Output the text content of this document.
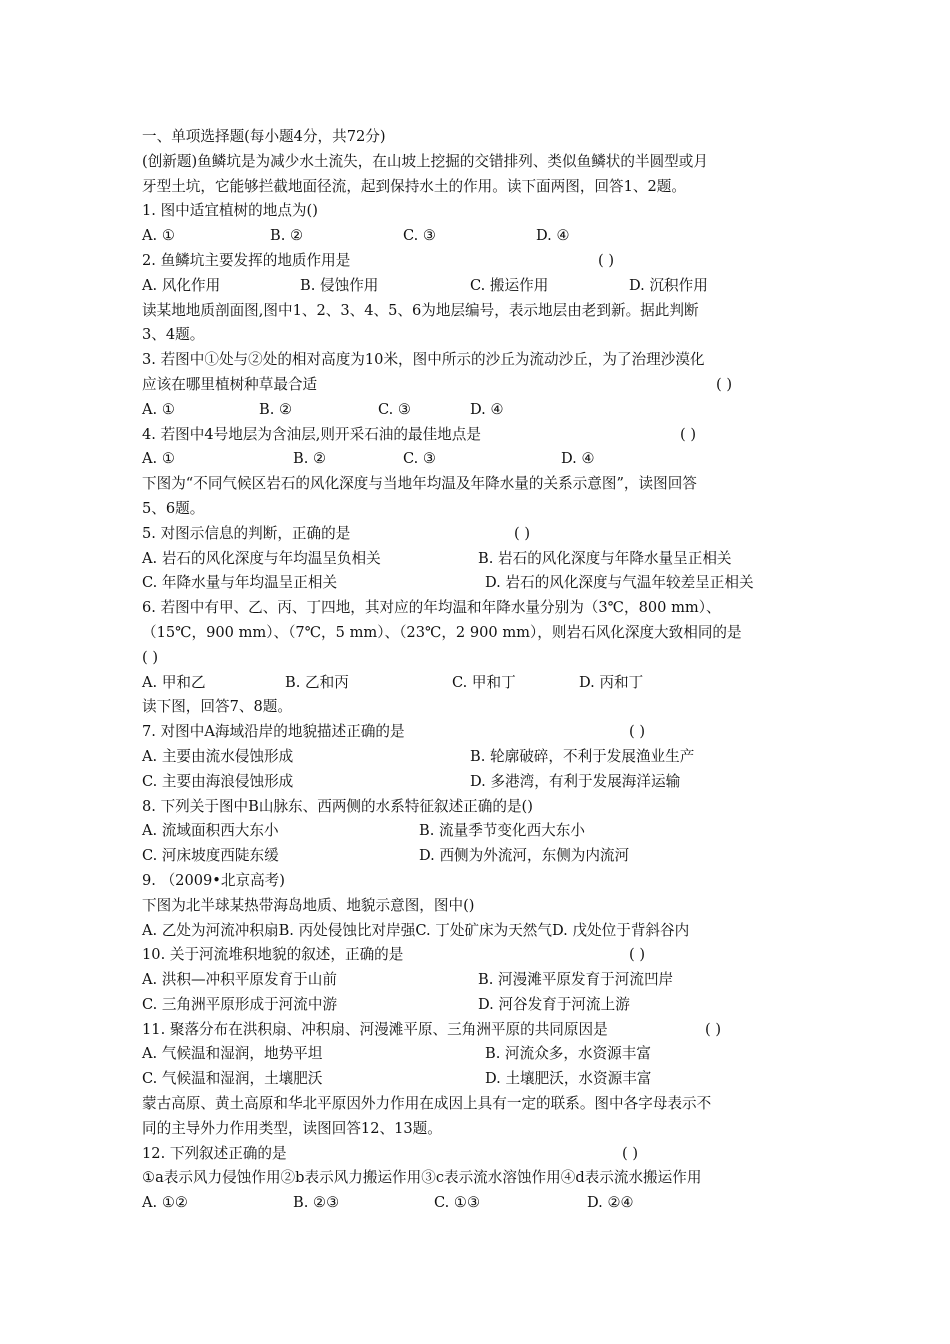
一、单项选择题(每小题4分，共72分)
(创新题)鱼鳞坑是为减少水土流失，在山坡上挖掘的交错排列、类似鱼鳞状的半圆型或月
牙型土坑，它能够拦截地面径流，起到保持水土的作用。读下面两图，回答1、2题。
1. 图中适宜植树的地点为()
A. ①	B. ②	C. ③	D. ④
2. 鱼鳞坑主要发挥的地质作用是	( )
A. 风化作用	B. 侵蚀作用	C. 搬运作用	D. 沉积作用
读某地地质剖面图,图中1、2、3、4、5、6为地层编号，表示地层由老到新。据此判断
3、4题。
3. 若图中①处与②处的相对高度为10米，图中所示的沙丘为流动沙丘，为了治理沙漠化
应该在哪里植树种草最合适	( )
A. ①	B. ②	C. ③	D. ④
4. 若图中4号地层为含油层,则开采石油的最佳地点是	( )
A. ①	B. ②	C. ③	D. ④
下图为“不同气候区岩石的风化深度与当地年均温及年降水量的关系示意图”，读图回答
5、6题。
5. 对图示信息的判断，正确的是	( )
A. 岩石的风化深度与年均温呈负相关	B. 岩石的风化深度与年降水量呈正相关
C. 年降水量与年均温呈正相关	D. 岩石的风化深度与气温年较差呈正相关
6. 若图中有甲、乙、丙、丁四地，其对应的年均温和年降水量分别为（3℃，800 mm）、
（15℃，900 mm）、（7℃，5 mm）、（23℃，2 900 mm），则岩石风化深度大致相同的是
( )
A. 甲和乙	B. 乙和丙	C. 甲和丁	D. 丙和丁
读下图，回答7、8题。
7. 对图中A海域沿岸的地貌描述正确的是	( )
A. 主要由流水侵蚀形成	B. 轮廓破碎，不利于发展渔业生产
C. 主要由海浪侵蚀形成	D. 多港湾，有利于发展海洋运输
8. 下列关于图中B山脉东、西两侧的水系特征叙述正确的是()
A. 流域面积西大东小	B. 流量季节变化西大东小
C. 河床坡度西陡东缓	D. 西侧为外流河，东侧为内流河
9. （2009•北京高考)
下图为北半球某热带海岛地质、地貌示意图，图中()
A. 乙处为河流冲积扇B. 丙处侵蚀比对岸强C. 丁处矿床为天然气D. 戊处位于背斜谷内
10. 关于河流堆积地貌的叙述，正确的是	( )
A. 洪积—冲积平原发育于山前	B. 河漫滩平原发育于河流凹岸
C. 三角洲平原形成于河流中游	D. 河谷发育于河流上游
11. 聚落分布在洪积扇、冲积扇、河漫滩平原、三角洲平原的共同原因是	( )
A. 气候温和湿润，地势平坦	B. 河流众多，水资源丰富
C. 气候温和湿润，土壤肥沃	D. 土壤肥沃，水资源丰富
蒙古高原、黄土高原和华北平原因外力作用在成因上具有一定的联系。图中各字母表示不
同的主导外力作用类型，读图回答12、13题。
12. 下列叙述正确的是	( )
①a表示风力侵蚀作用②b表示风力搬运作用③c表示流水溶蚀作用④d表示流水搬运作用
A. ①②	B. ②③	C. ①③	D. ②④
